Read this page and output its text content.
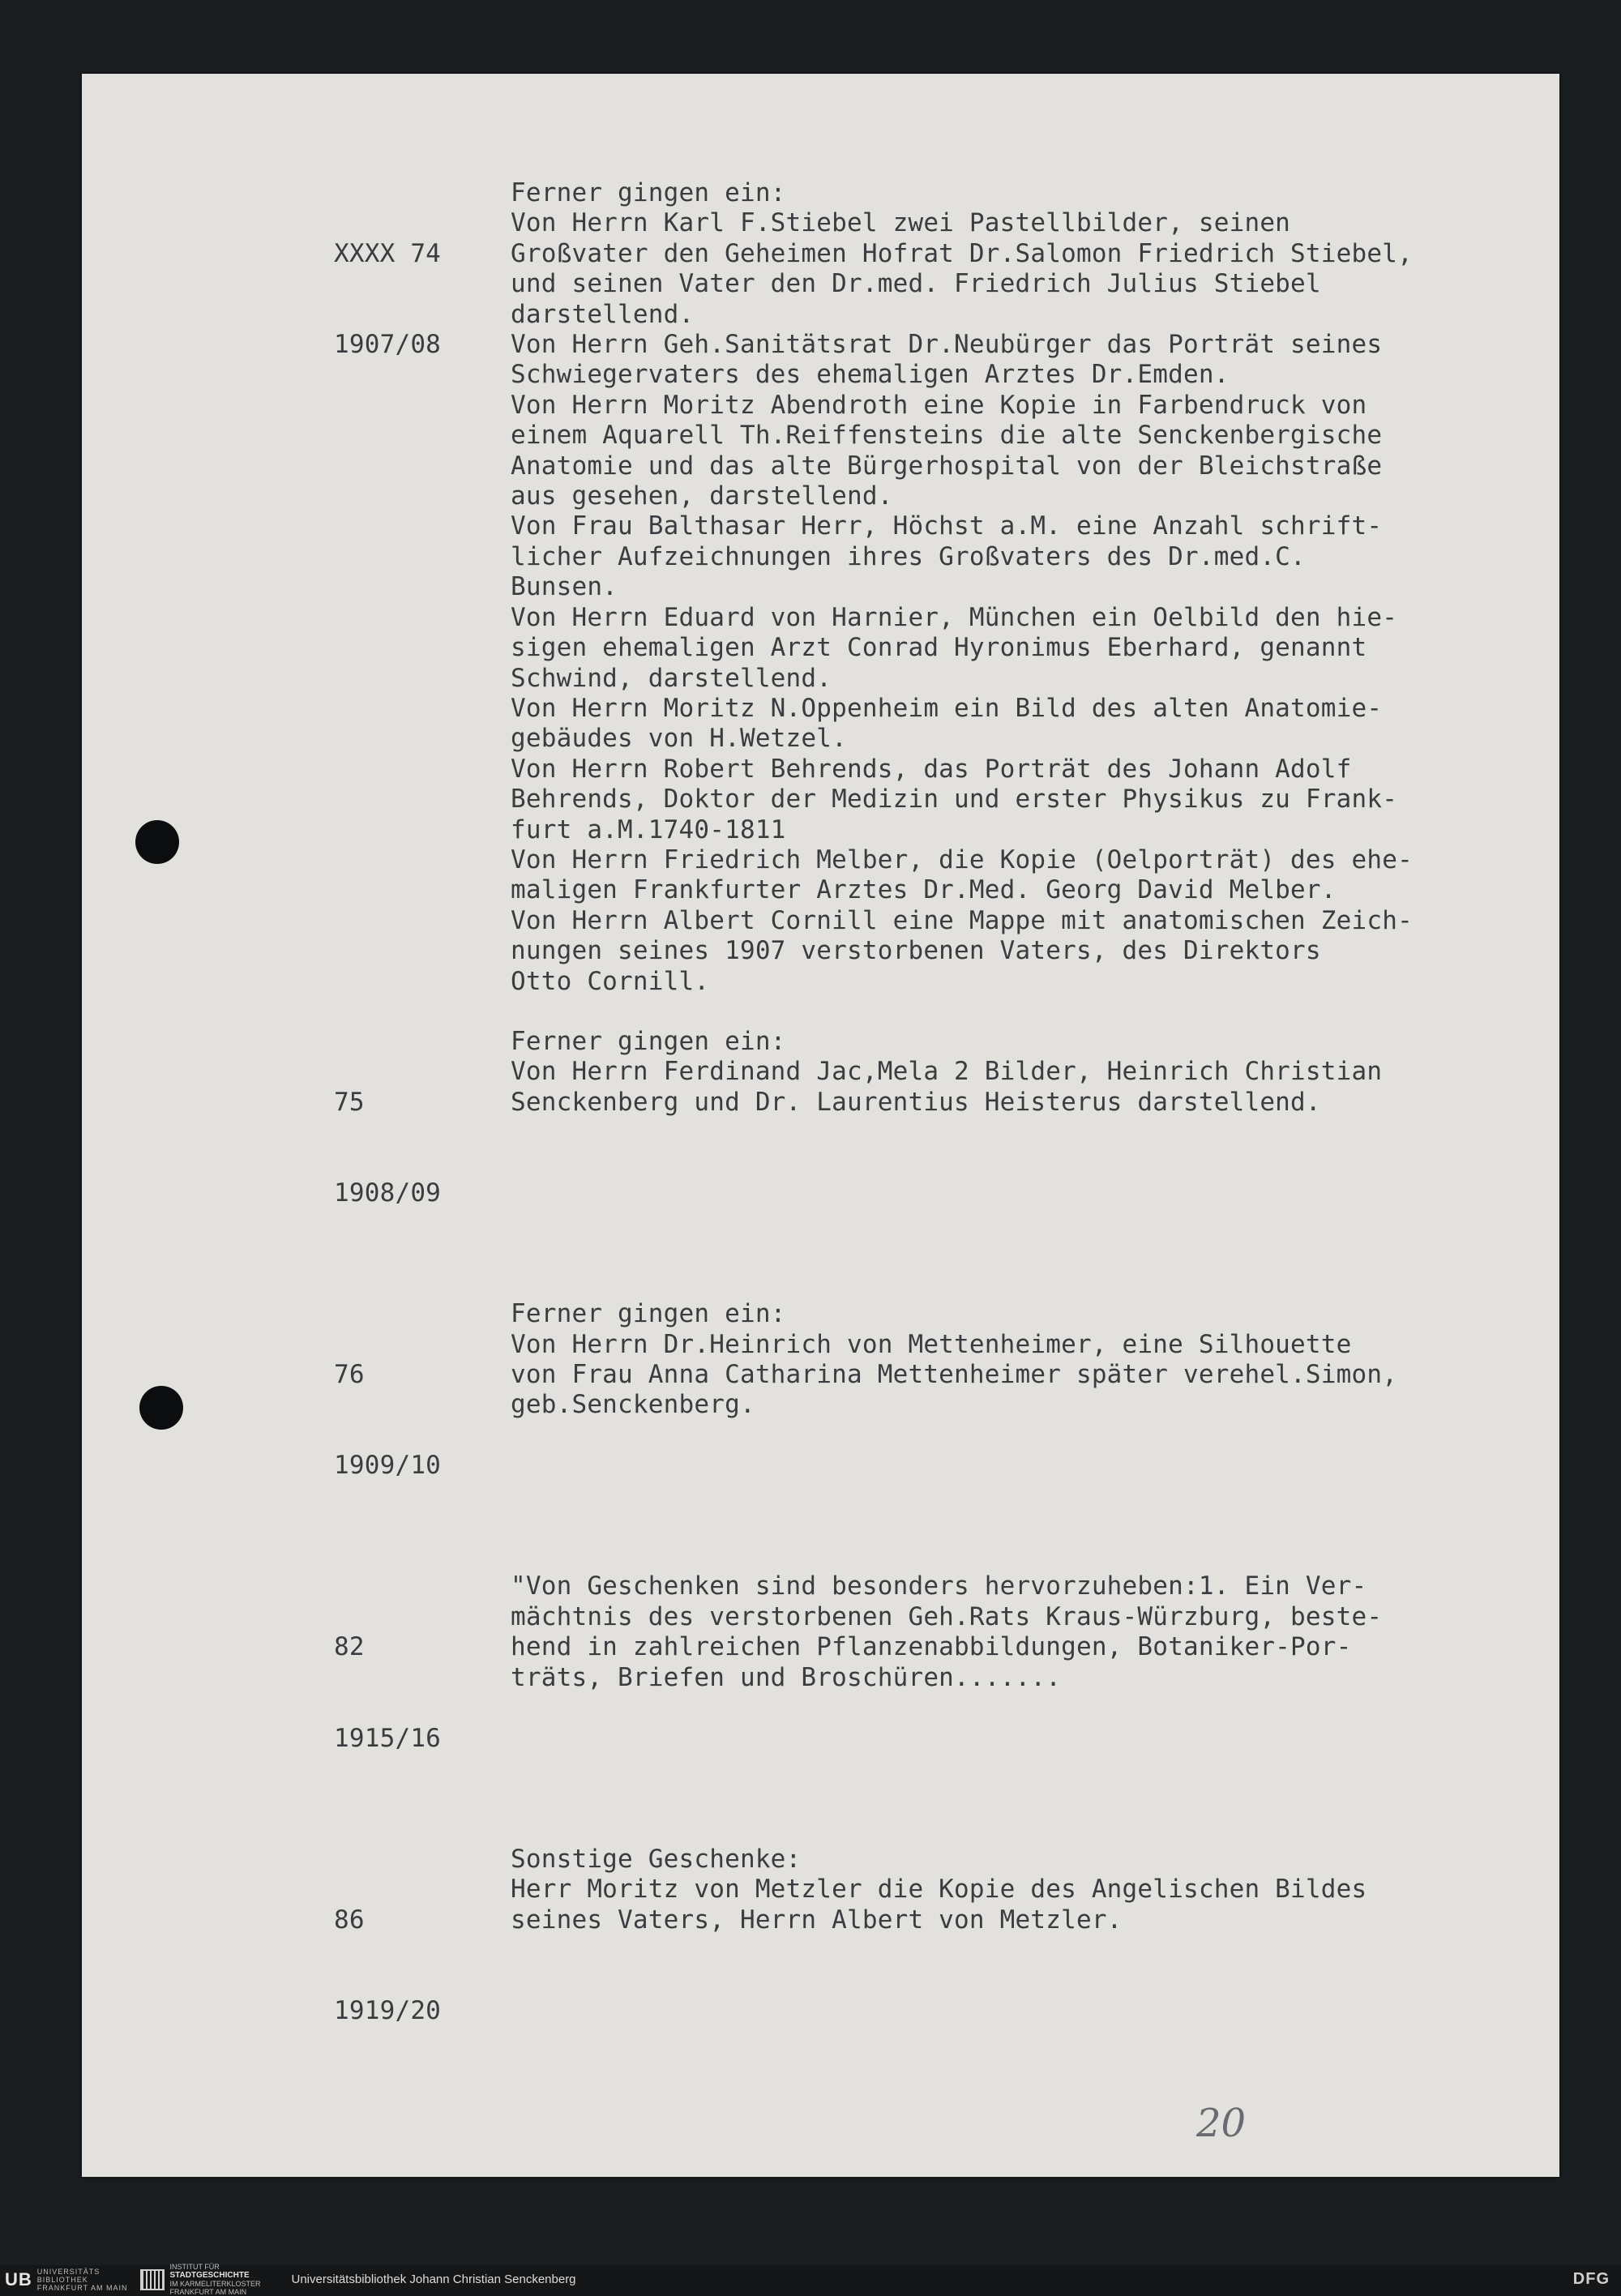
XXXX 74

1907/08

Ferner gingen ein:
Von Herrn Karl F.Stiebel zwei Pastellbilder, seinen
Großvater den Geheimen Hofrat Dr.Salomon Friedrich Stiebel,
und seinen Vater den Dr.med. Friedrich Julius Stiebel
darstellend.
Von Herrn Geh.Sanitätsrat Dr.Neubürger das Porträt seines
Schwiegervaters des ehemaligen Arztes Dr.Emden.
Von Herrn Moritz Abendroth eine Kopie in Farbendruck von
einem Aquarell Th.Reiffensteins die alte Senckenbergische
Anatomie und das alte Bürgerhospital von der Bleichstraße
aus gesehen, darstellend.
Von Frau Balthasar Herr, Höchst a.M. eine Anzahl schrift-
licher Aufzeichnungen ihres Großvaters des Dr.med.C.
Bunsen.
Von Herrn Eduard von Harnier, München ein Oelbild den hie-
sigen ehemaligen Arzt Conrad Hyronimus Eberhard, genannt
Schwind, darstellend.
Von Herrn Moritz N.Oppenheim ein Bild des alten Anatomie-
gebäudes von H.Wetzel.
Von Herrn Robert Behrends, das Porträt des Johann Adolf
Behrends, Doktor der Medizin und erster Physikus zu Frank-
furt a.M.1740-1811
Von Herrn Friedrich Melber, die Kopie (Oelporträt) des ehe-
maligen Frankfurter Arztes Dr.Med. Georg David Melber.
Von Herrn Albert Cornill eine Mappe mit anatomischen Zeich-
nungen seines 1907 verstorbenen Vaters, des Direktors
Otto Cornill.

75

1908/09

Ferner gingen ein:
Von Herrn Ferdinand Jac,Mela 2 Bilder, Heinrich Christian
Senckenberg und Dr. Laurentius Heisterus darstellend.

76

1909/10

Ferner gingen ein:
Von Herrn Dr.Heinrich von Mettenheimer, eine Silhouette
von Frau Anna Catharina Mettenheimer später verehel.Simon,
geb.Senckenberg.

82

1915/16

"Von Geschenken sind besonders hervorzuheben:1. Ein Ver-
mächtnis des verstorbenen Geh.Rats Kraus-Würzburg, beste-
hend in zahlreichen Pflanzenabbildungen, Botaniker-Por-
träts, Briefen und Broschüren.......

86

1919/20

Sonstige Geschenke:
Herr Moritz von Metzler die Kopie des Angelischen Bildes
seines Vaters, Herrn Albert von Metzler.
20
UB UNIVERSITÄTS
BIBLIOTHEK
FRANKFURT AM MAIN
INSTITUT FÜR
STADTGESCHICHTE
IM KARMELITERKLOSTER
FRANKFURT AM MAIN
Universitätsbibliothek Johann Christian Senckenberg	DFG
